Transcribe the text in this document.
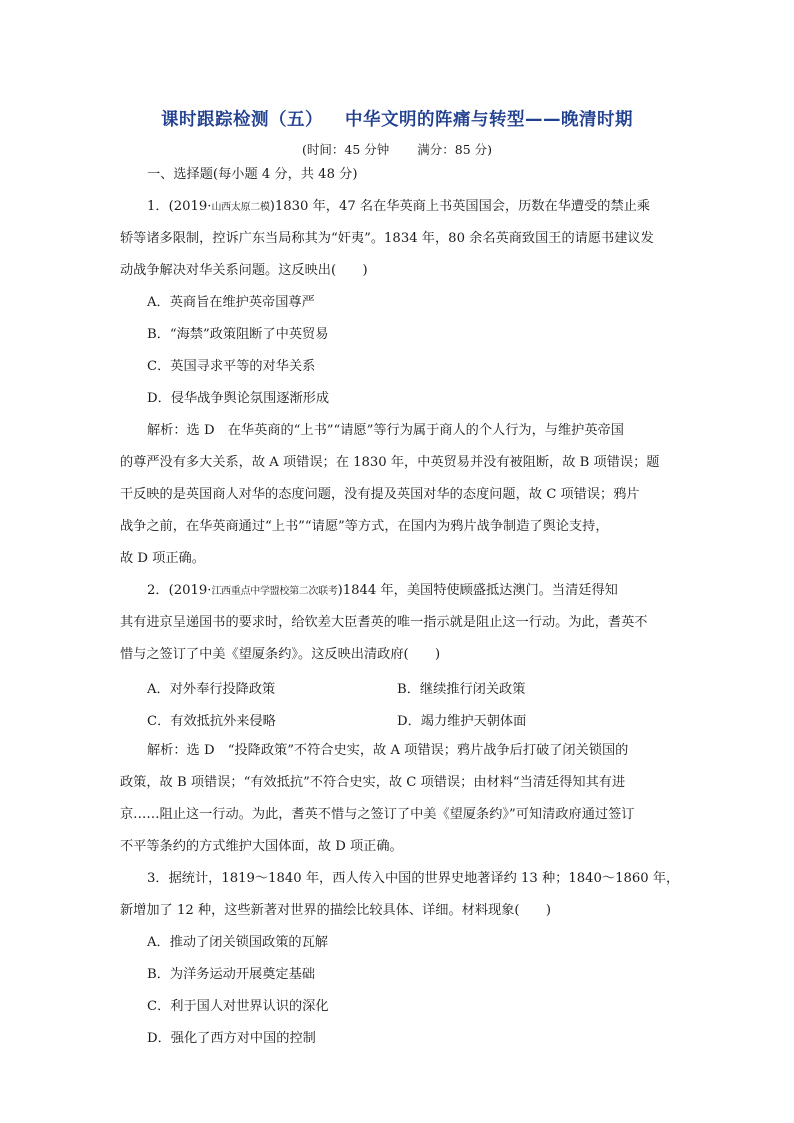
课时跟踪检测（五） 中华文明的阵痛与转型——晚清时期
(时间：45 分钟 满分：85 分)
一、选择题(每小题 4 分，共 48 分)
1．(2019·山西太原二模)1830 年，47 名在华英商上书英国国会，历数在华遭受的禁止乘
轿等诸多限制，控诉广东当局称其为“奸夷”。1834 年，80 余名英商致国王的请愿书建议发
动战争解决对华关系问题。这反映出(　　)
A．英商旨在维护英帝国尊严
B．“海禁”政策阻断了中英贸易
C．英国寻求平等的对华关系
D．侵华战争舆论氛围逐渐形成
解析：选 D　在华英商的“上书”“请愿”等行为属于商人的个人行为，与维护英帝国
的尊严没有多大关系，故 A 项错误；在 1830 年，中英贸易并没有被阻断，故 B 项错误；题
干反映的是英国商人对华的态度问题，没有提及英国对华的态度问题，故 C 项错误；鸦片
战争之前，在华英商通过“上书”“请愿”等方式，在国内为鸦片战争制造了舆论支持，
故 D 项正确。
2．(2019·江西重点中学盟校第二次联考)1844 年，美国特使顾盛抵达澳门。当清廷得知
其有进京呈递国书的要求时，给钦差大臣耆英的唯一指示就是阻止这一行动。为此，耆英不
惜与之签订了中美《望厦条约》。这反映出清政府(　　)
A．对外奉行投降政策	B．继续推行闭关政策
C．有效抵抗外来侵略	D．竭力维护天朝体面
解析：选 D　“投降政策”不符合史实，故 A 项错误；鸦片战争后打破了闭关锁国的
政策，故 B 项错误；“有效抵抗”不符合史实，故 C 项错误；由材料“当清廷得知其有进
京……阻止这一行动。为此，耆英不惜与之签订了中美《望厦条约》”可知清政府通过签订
不平等条约的方式维护大国体面，故 D 项正确。
3．据统计，1819～1840 年，西人传入中国的世界史地著译约 13 种；1840～1860 年，
新增加了 12 种，这些新著对世界的描绘比较具体、详细。材料现象(　　)
A．推动了闭关锁国政策的瓦解
B．为洋务运动开展奠定基础
C．利于国人对世界认识的深化
D．强化了西方对中国的控制
